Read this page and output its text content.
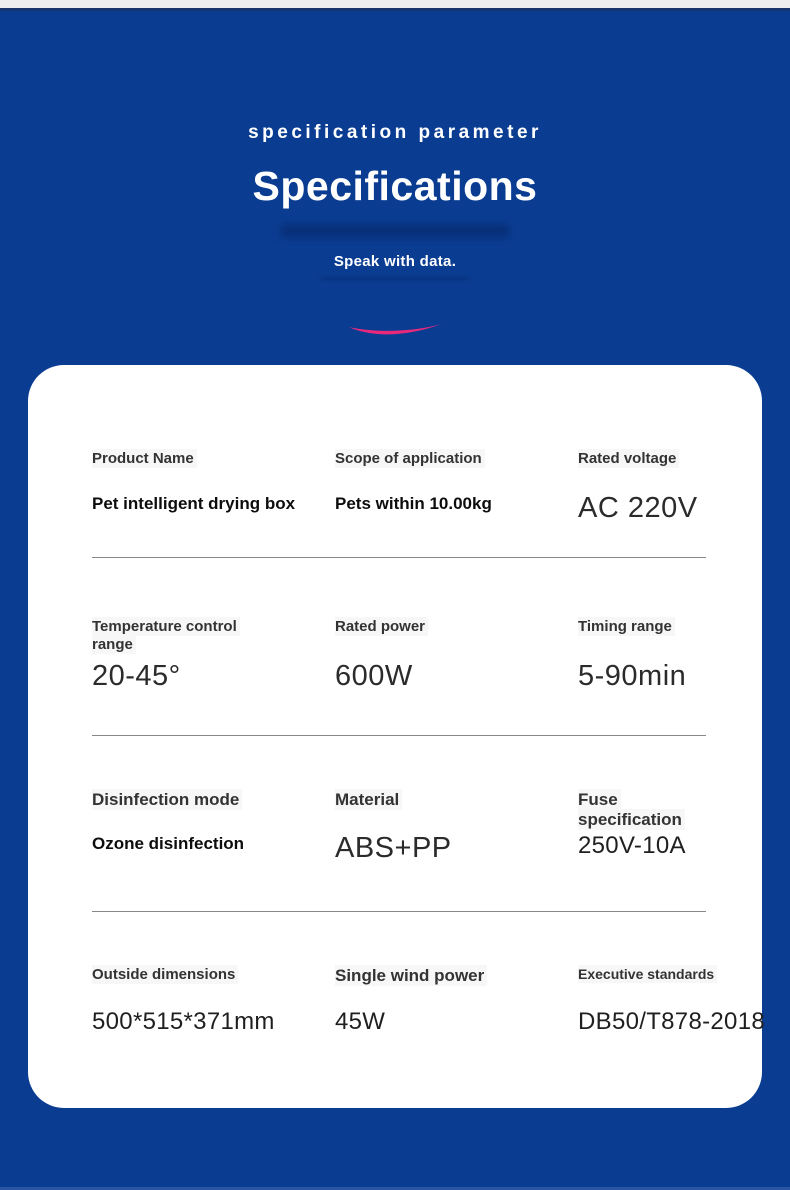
specification parameter
Specifications
Speak with data.
Product Name
Pet intelligent drying box
Scope of application
Pets within 10.00kg
Rated voltage
AC 220V
Temperature control range
20-45°
Rated power
600W
Timing range
5-90min
Disinfection mode
Ozone disinfection
Material
ABS+PP
Fuse specification
250V-10A
Outside dimensions
500*515*371mm
Single wind power
45W
Executive standards
DB50/T878-2018
